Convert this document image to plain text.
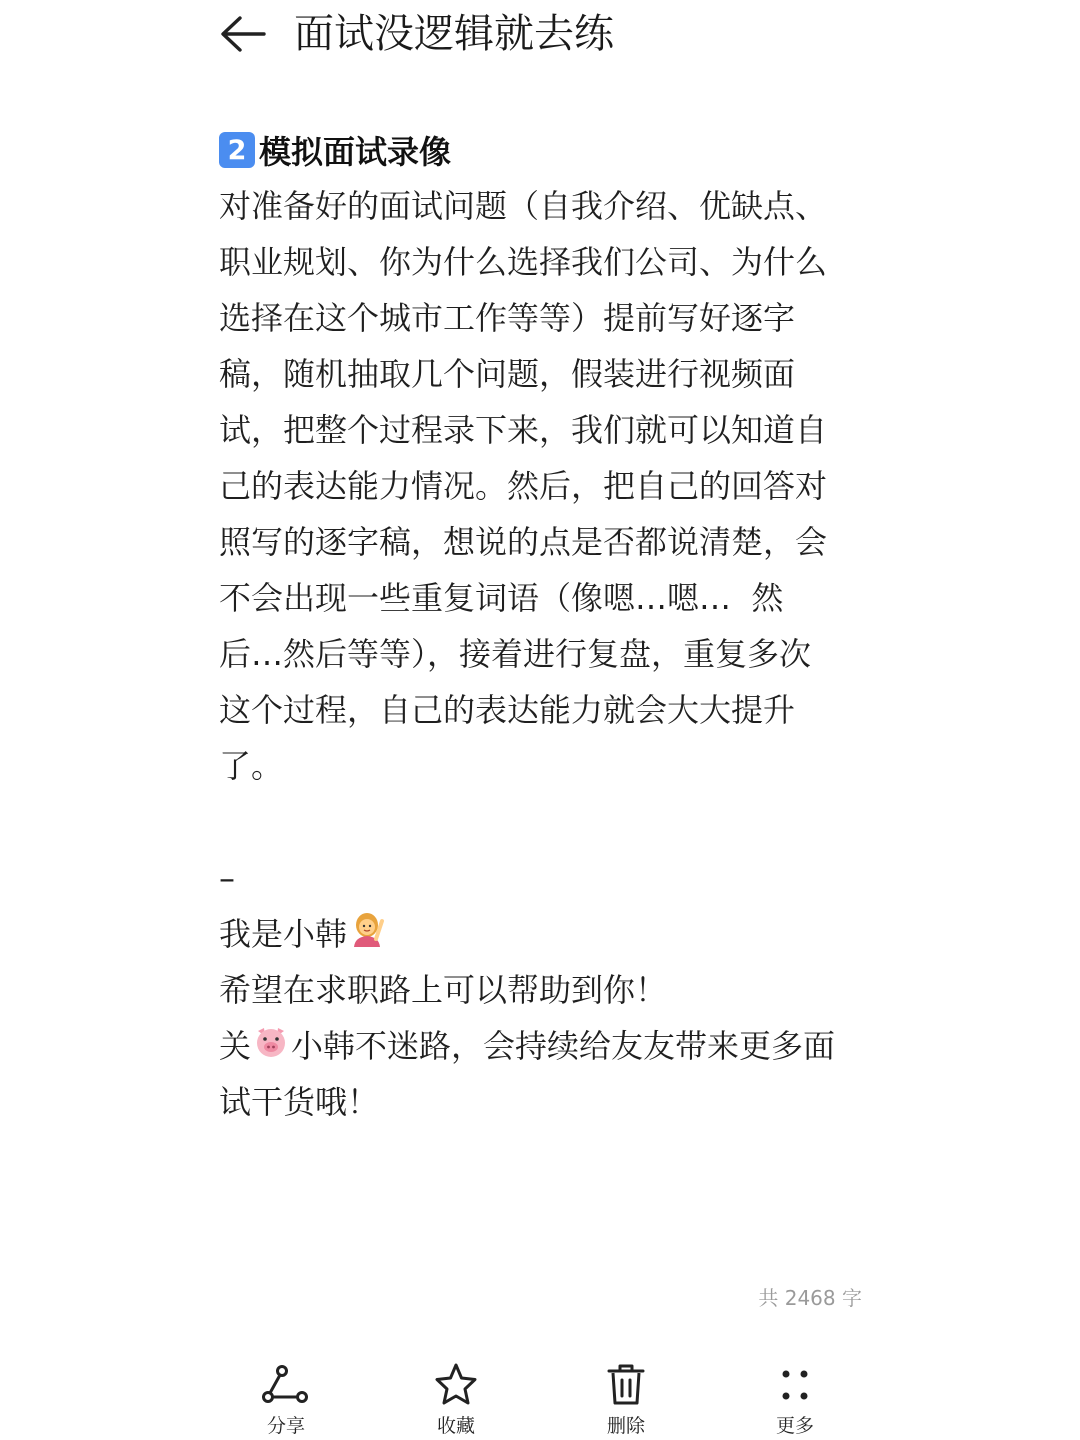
面试没逻辑就去练
2 模拟面试录像
对准备好的面试问题（自我介绍、优缺点、
职业规划、你为什么选择我们公司、为什么
选择在这个城市工作等等）提前写好逐字
稿，随机抽取几个问题，假装进行视频面
试，把整个过程录下来，我们就可以知道自
己的表达能力情况。然后，把自己的回答对
照写的逐字稿，想说的点是否都说清楚，会
不会出现一些重复词语（像嗯…嗯…  然
后…然后等等），接着进行复盘，重复多次
这个过程，自己的表达能力就会大大提升
了。
–
我是小韩
希望在求职路上可以帮助到你！
关 小韩不迷路，会持续给友友带来更多面
试干货哦！
共 2468 字
分享	收藏	删除	更多
